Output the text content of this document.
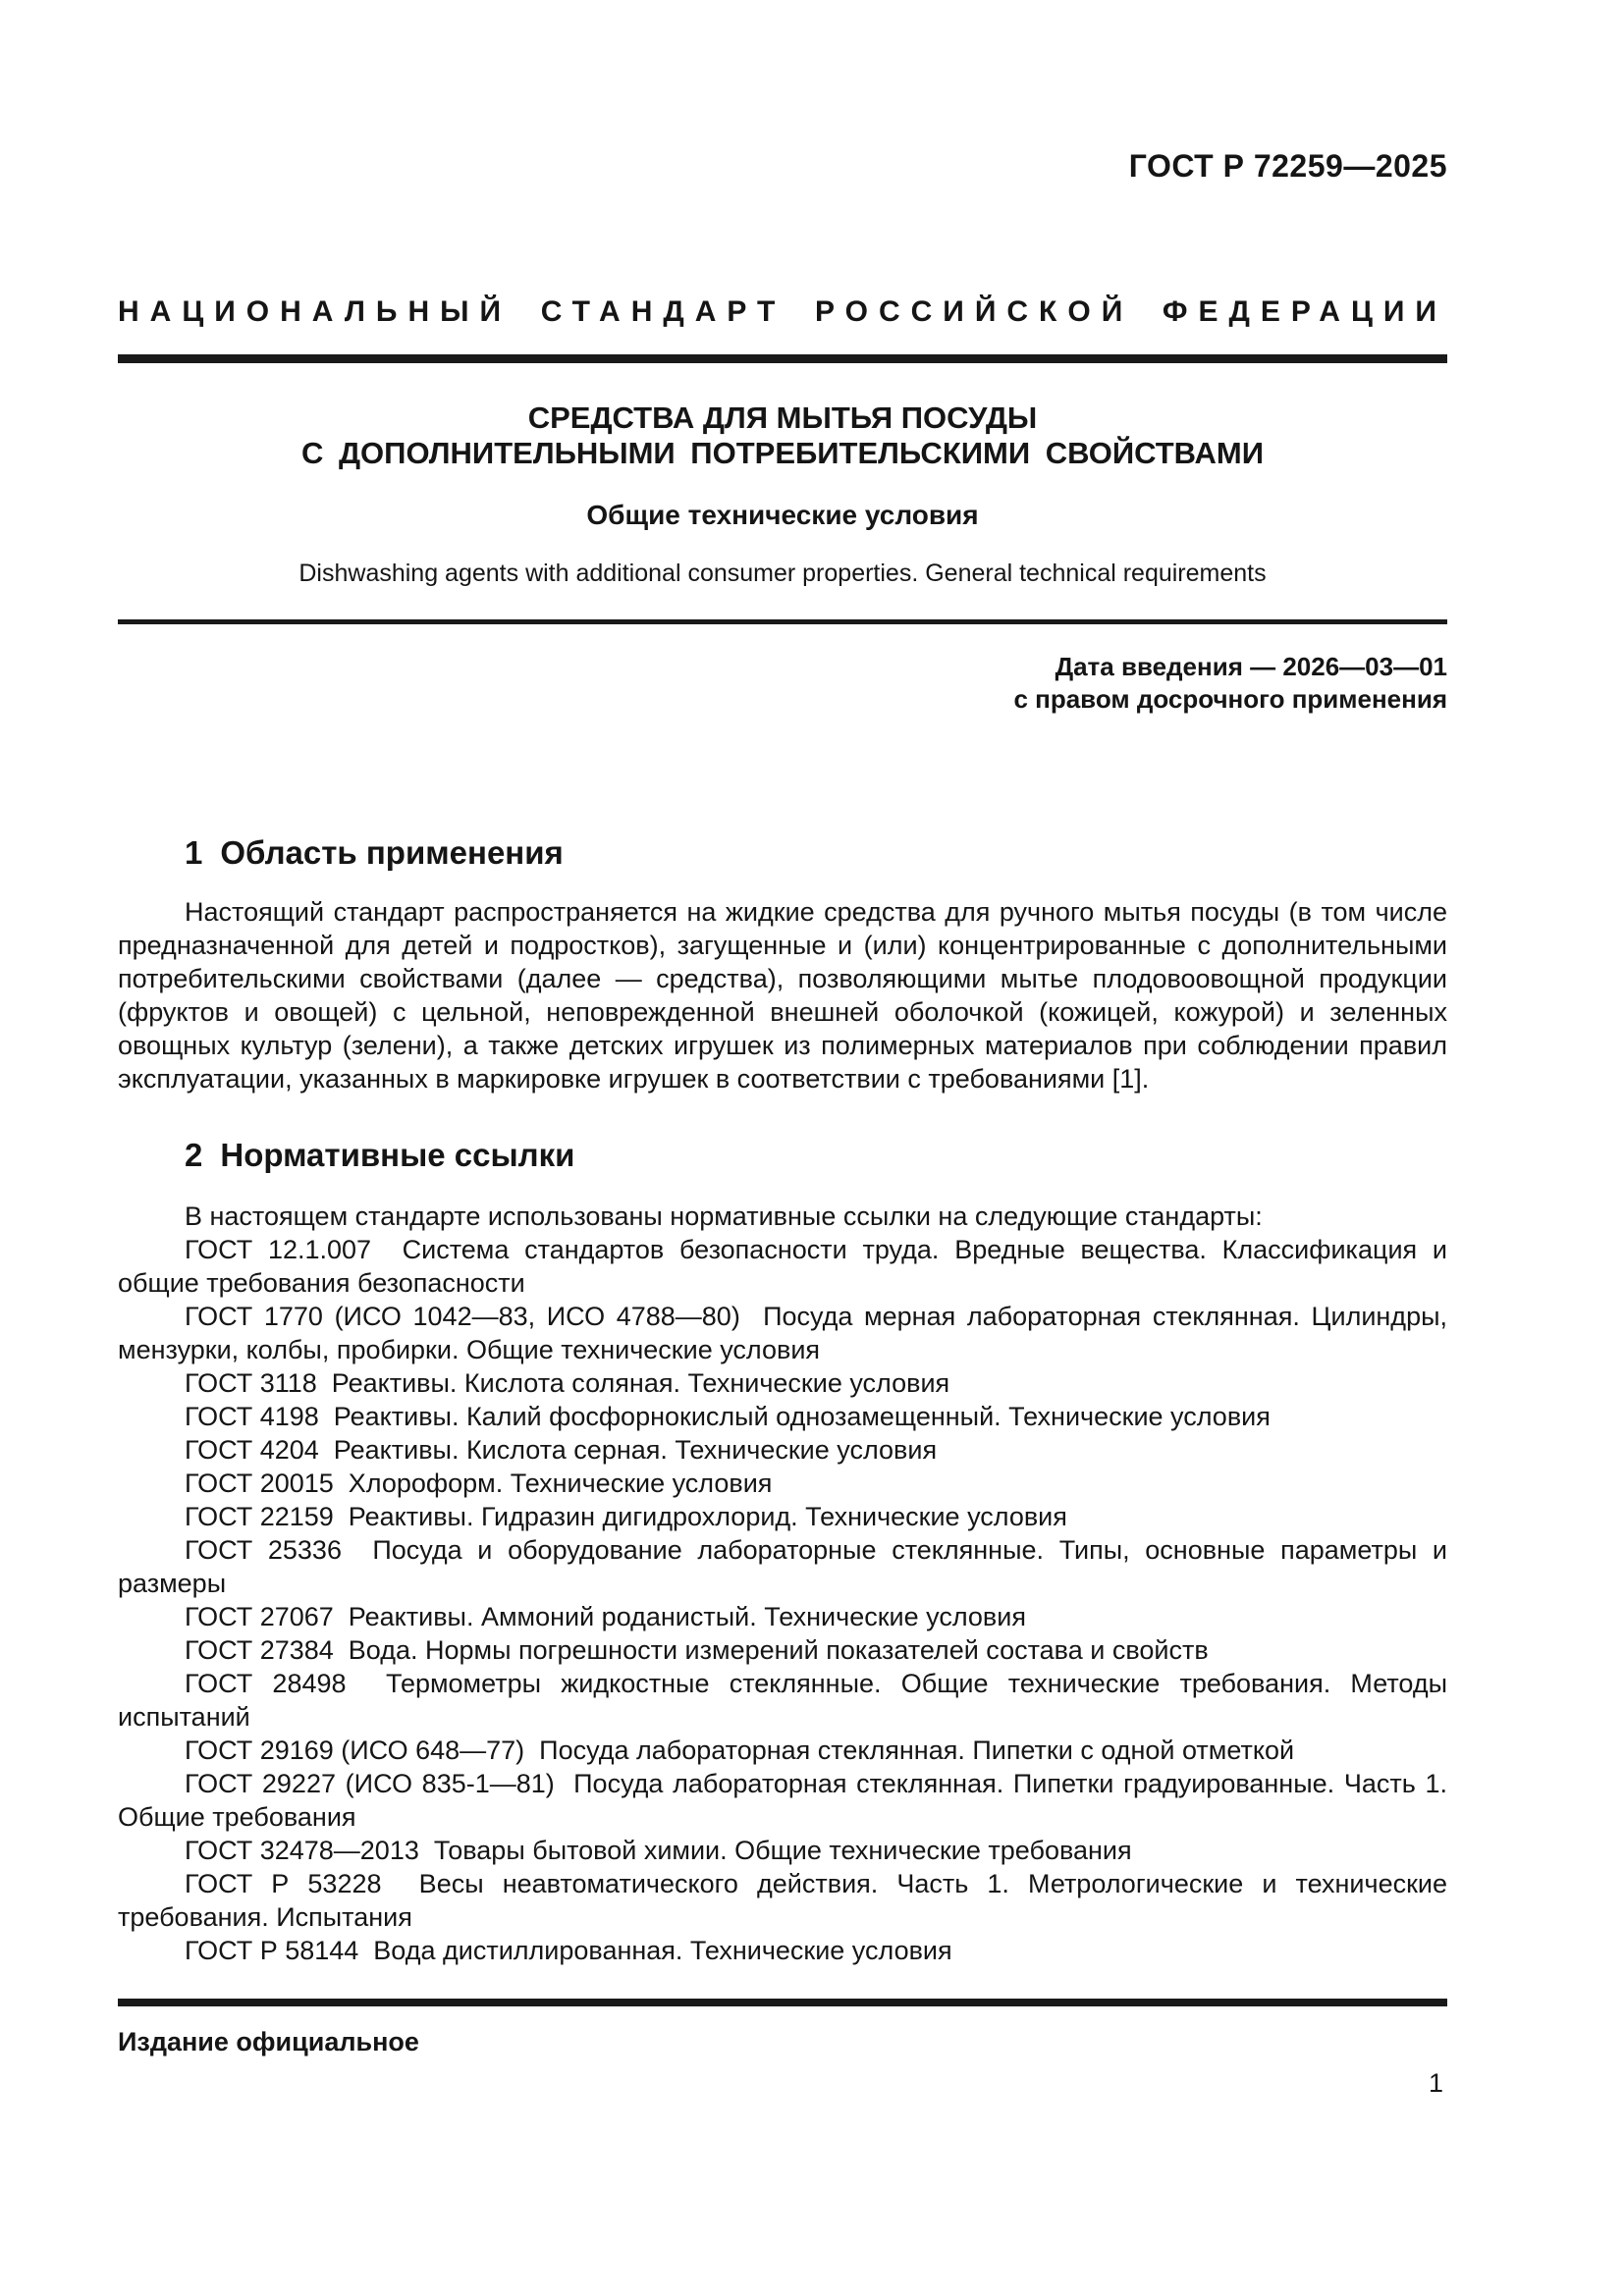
ГОСТ Р 72259—2025
НАЦИОНАЛЬНЫЙ СТАНДАРТ РОССИЙСКОЙ ФЕДЕРАЦИИ
СРЕДСТВА ДЛЯ МЫТЬЯ ПОСУДЫ
С ДОПОЛНИТЕЛЬНЫМИ ПОТРЕБИТЕЛЬСКИМИ СВОЙСТВАМИ
Общие технические условия
Dishwashing agents with additional consumer properties. General technical requirements
Дата введения — 2026—03—01
с правом досрочного применения
1 Область применения

Настоящий стандарт распространяется на жидкие средства для ручного мытья посуды (в том числе предназначенной для детей и подростков), загущенные и (или) концентрированные с дополнительными потребительскими свойствами (далее — средства), позволяющими мытье плодовоовощной продукции (фруктов и овощей) с цельной, неповрежденной внешней оболочкой (кожицей, кожурой) и зеленных овощных культур (зелени), а также детских игрушек из полимерных материалов при соблюдении правил эксплуатации, указанных в маркировке игрушек в соответствии с требованиями [1].

2 Нормативные ссылки

В настоящем стандарте использованы нормативные ссылки на следующие стандарты:

ГОСТ 12.1.007  Система стандартов безопасности труда. Вредные вещества. Классификация и общие требования безопасности

ГОСТ 1770 (ИСО 1042—83, ИСО 4788—80)  Посуда мерная лабораторная стеклянная. Цилиндры, мензурки, колбы, пробирки. Общие технические условия

ГОСТ 3118  Реактивы. Кислота соляная. Технические условия

ГОСТ 4198  Реактивы. Калий фосфорнокислый однозамещенный. Технические условия

ГОСТ 4204  Реактивы. Кислота серная. Технические условия

ГОСТ 20015  Хлороформ. Технические условия

ГОСТ 22159  Реактивы. Гидразин дигидрохлорид. Технические условия

ГОСТ 25336  Посуда и оборудование лабораторные стеклянные. Типы, основные параметры и размеры

ГОСТ 27067  Реактивы. Аммоний роданистый. Технические условия

ГОСТ 27384  Вода. Нормы погрешности измерений показателей состава и свойств

ГОСТ 28498  Термометры жидкостные стеклянные. Общие технические требования. Методы испытаний

ГОСТ 29169 (ИСО 648—77)  Посуда лабораторная стеклянная. Пипетки с одной отметкой

ГОСТ 29227 (ИСО 835-1—81)  Посуда лабораторная стеклянная. Пипетки градуированные. Часть 1. Общие требования

ГОСТ 32478—2013  Товары бытовой химии. Общие технические требования

ГОСТ Р 53228  Весы неавтоматического действия. Часть 1. Метрологические и технические требования. Испытания

ГОСТ Р 58144  Вода дистиллированная. Технические условия

Издание официальное
1
